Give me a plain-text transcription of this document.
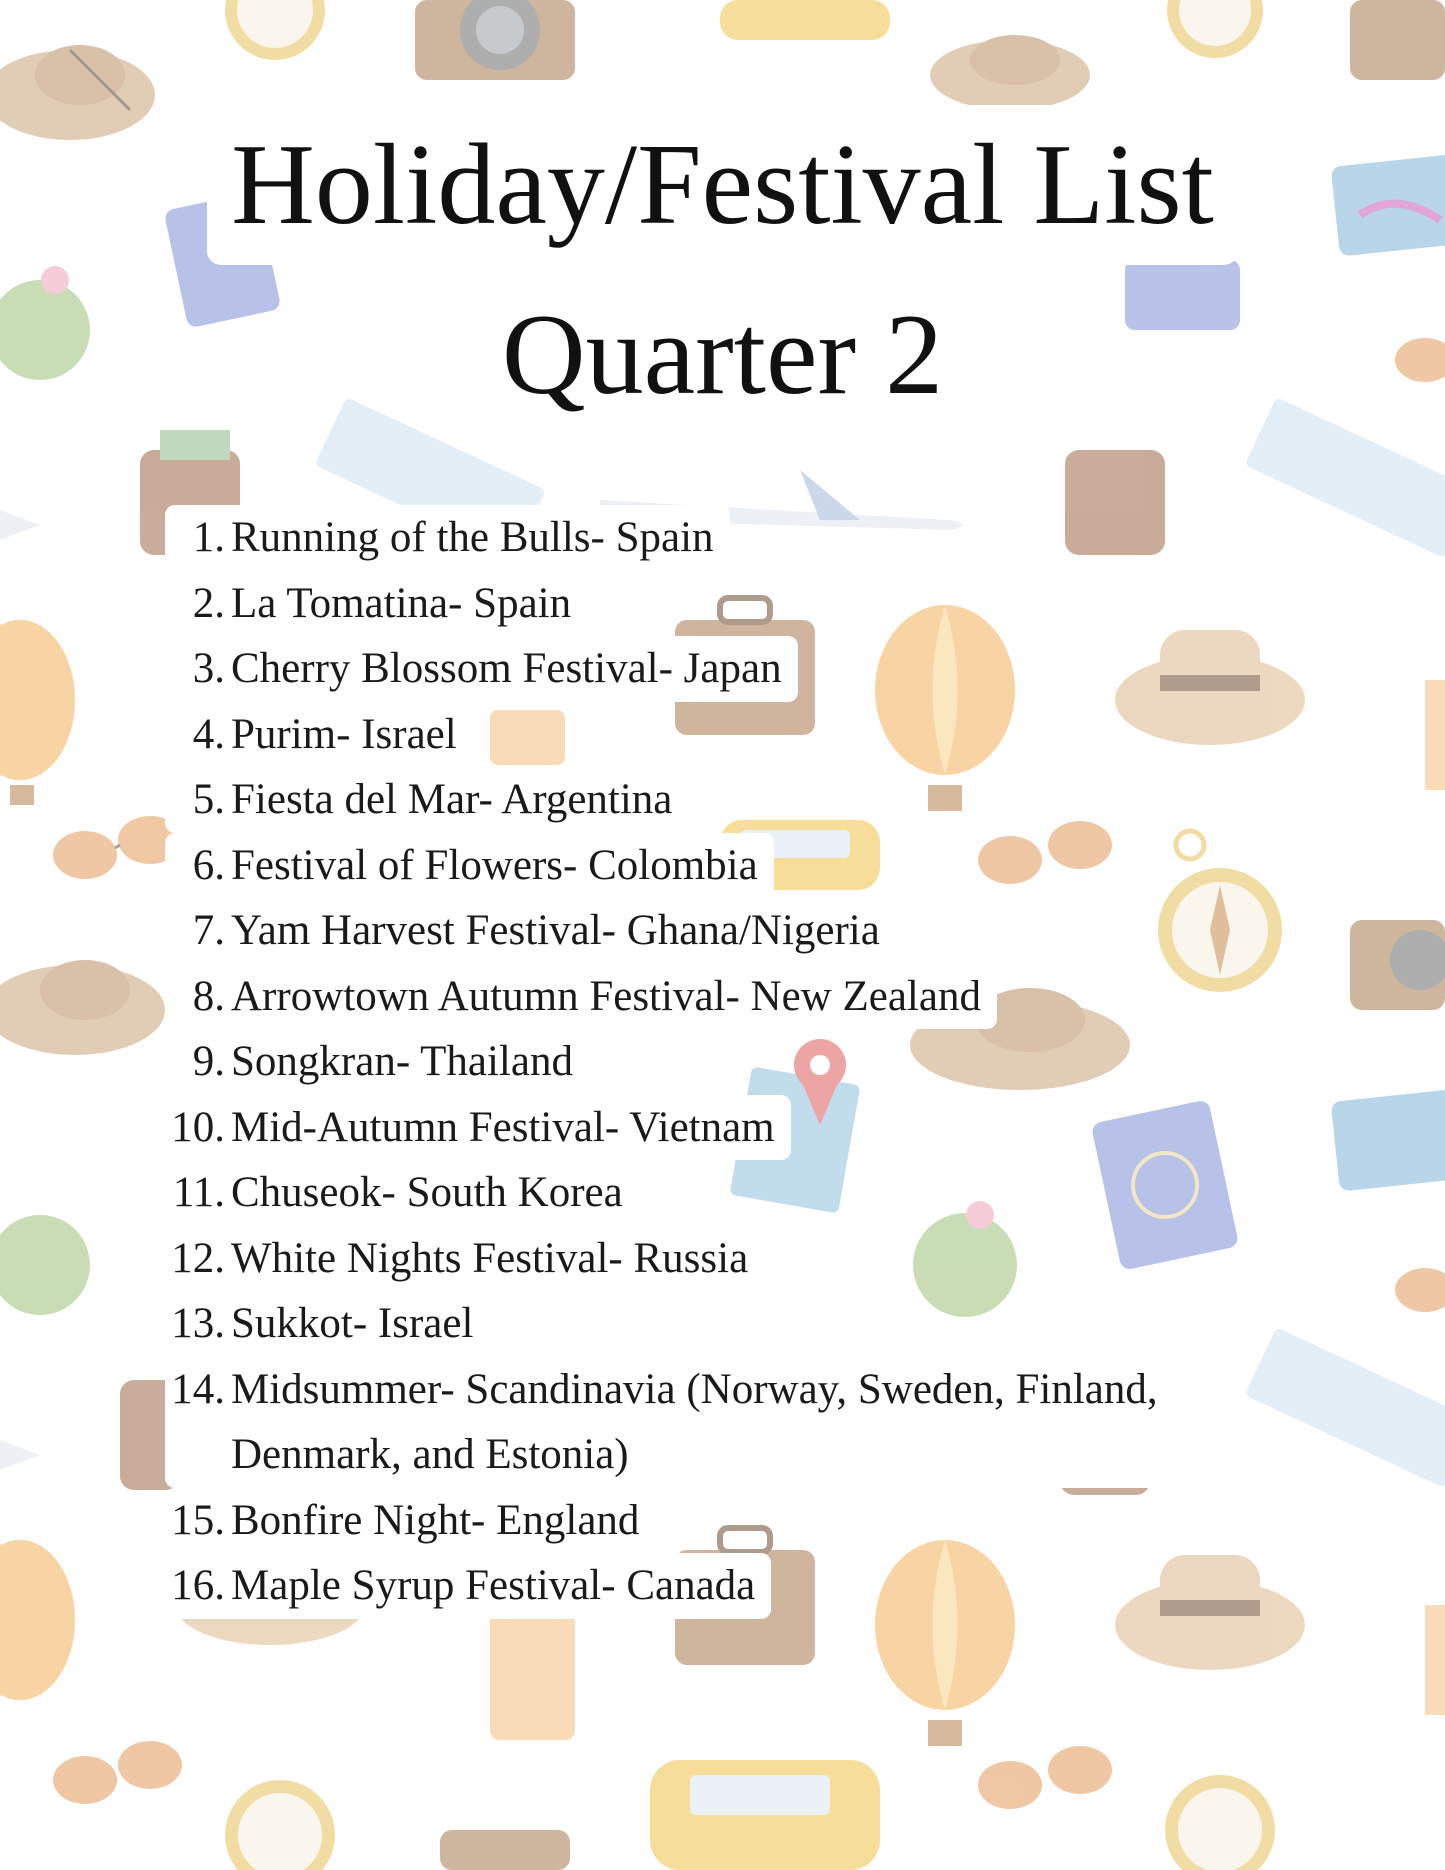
Holiday/Festival List
Quarter 2
1. Running of the Bulls- Spain
2. La Tomatina- Spain
3. Cherry Blossom Festival- Japan
4. Purim- Israel
5. Fiesta del Mar- Argentina
6. Festival of Flowers- Colombia
7. Yam Harvest Festival- Ghana/Nigeria
8. Arrowtown Autumn Festival- New Zealand
9. Songkran- Thailand
10. Mid-Autumn Festival- Vietnam
11. Chuseok- South Korea
12. White Nights Festival- Russia
13. Sukkot- Israel
14. Midsummer- Scandinavia (Norway, Sweden, Finland, Denmark, and Estonia)
15. Bonfire Night- England
16. Maple Syrup Festival- Canada
